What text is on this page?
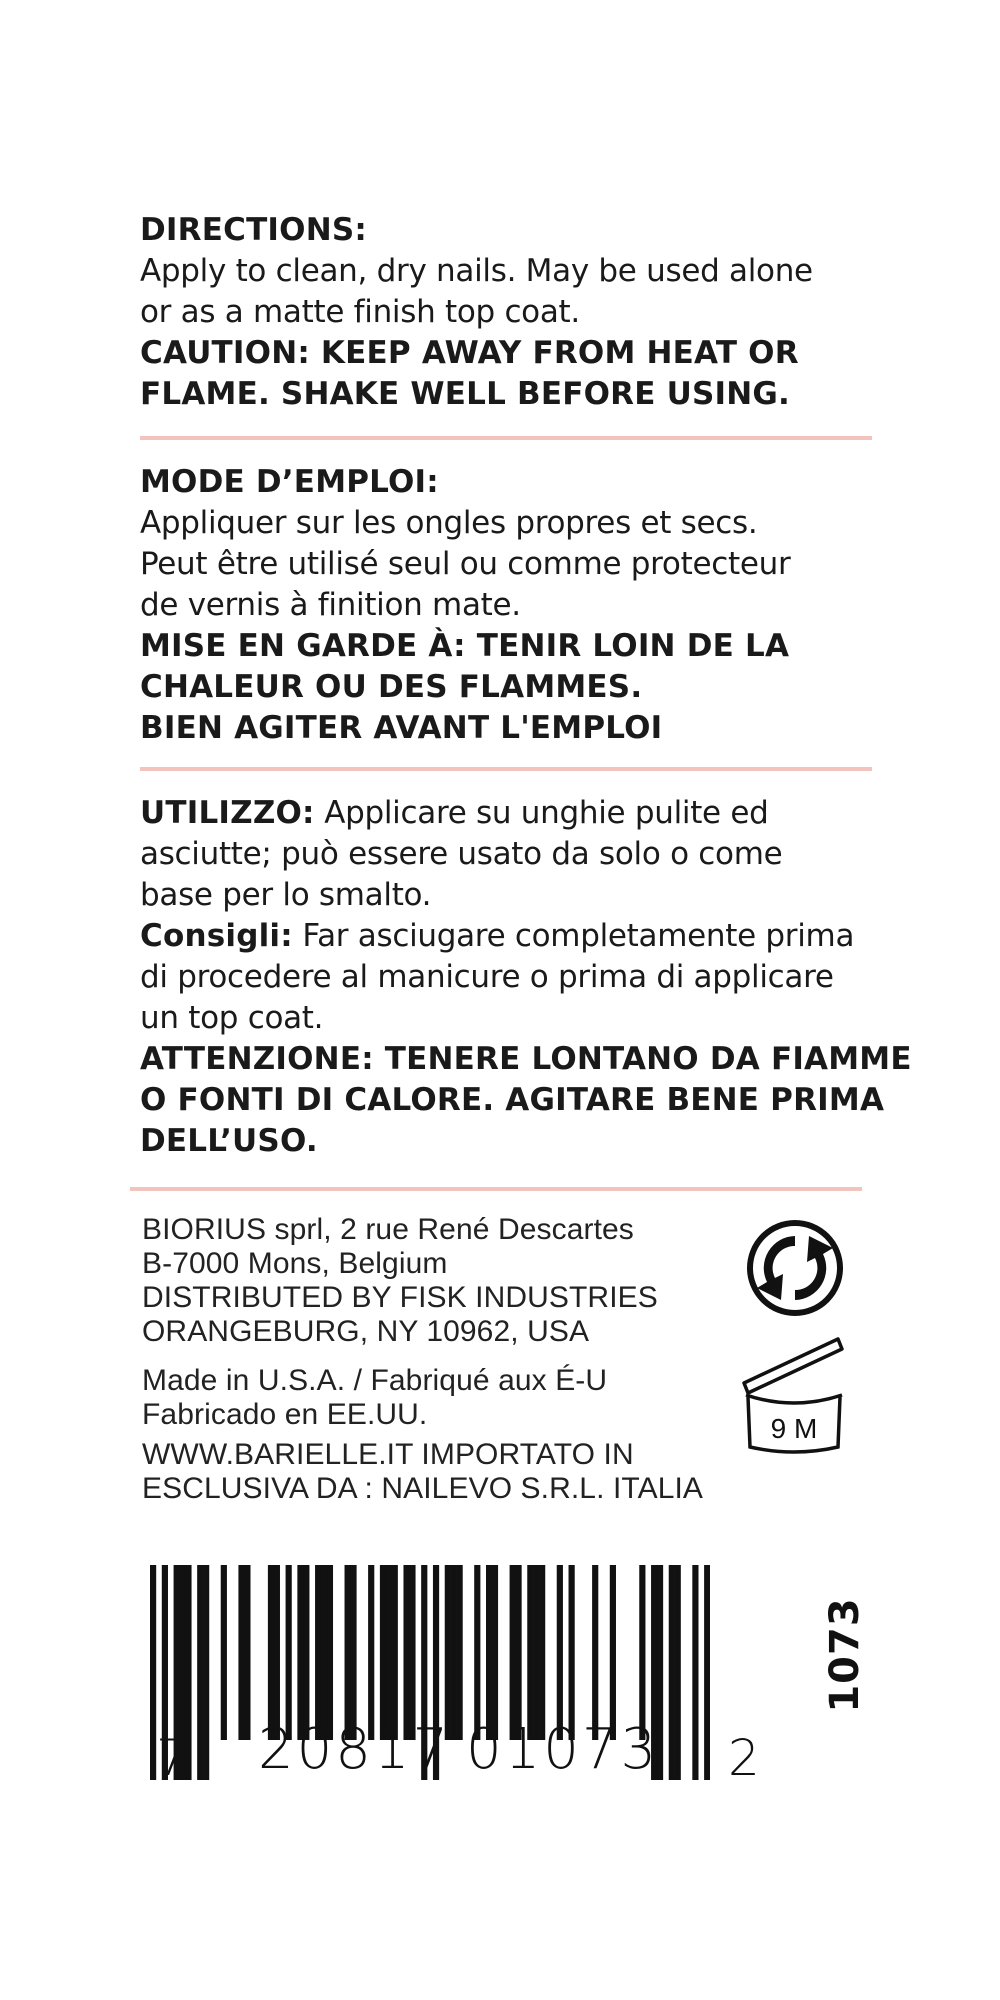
DIRECTIONS:
Apply to clean, dry nails. May be used alone
or as a matte finish top coat.
CAUTION: KEEP AWAY FROM HEAT OR
FLAME. SHAKE WELL BEFORE USING.
MODE D’EMPLOI:
Appliquer sur les ongles propres et secs.
Peut être utilisé seul ou comme protecteur
de vernis à finition mate.
MISE EN GARDE À: TENIR LOIN DE LA
CHALEUR OU DES FLAMMES.
BIEN AGITER AVANT L'EMPLOI
UTILIZZO: Applicare su unghie pulite ed
asciutte; può essere usato da solo o come
base per lo smalto.
Consigli: Far asciugare completamente prima
di procedere al manicure o prima di applicare
un top coat.
ATTENZIONE: TENERE LONTANO DA FIAMME
O FONTI DI CALORE. AGITARE BENE PRIMA
DELL’USO.
BIORIUS sprl, 2 rue René Descartes
B-7000 Mons, Belgium
DISTRIBUTED BY FISK INDUSTRIES
ORANGEBURG, NY 10962, USA
Made in U.S.A. / Fabriqué aux É-U
Fabricado en EE.UU.
WWW.BARIELLE.IT IMPORTATO IN
ESCLUSIVA DA : NAILEVO S.R.L. ITALIA
9 M
7 20817 01073 2
1073
